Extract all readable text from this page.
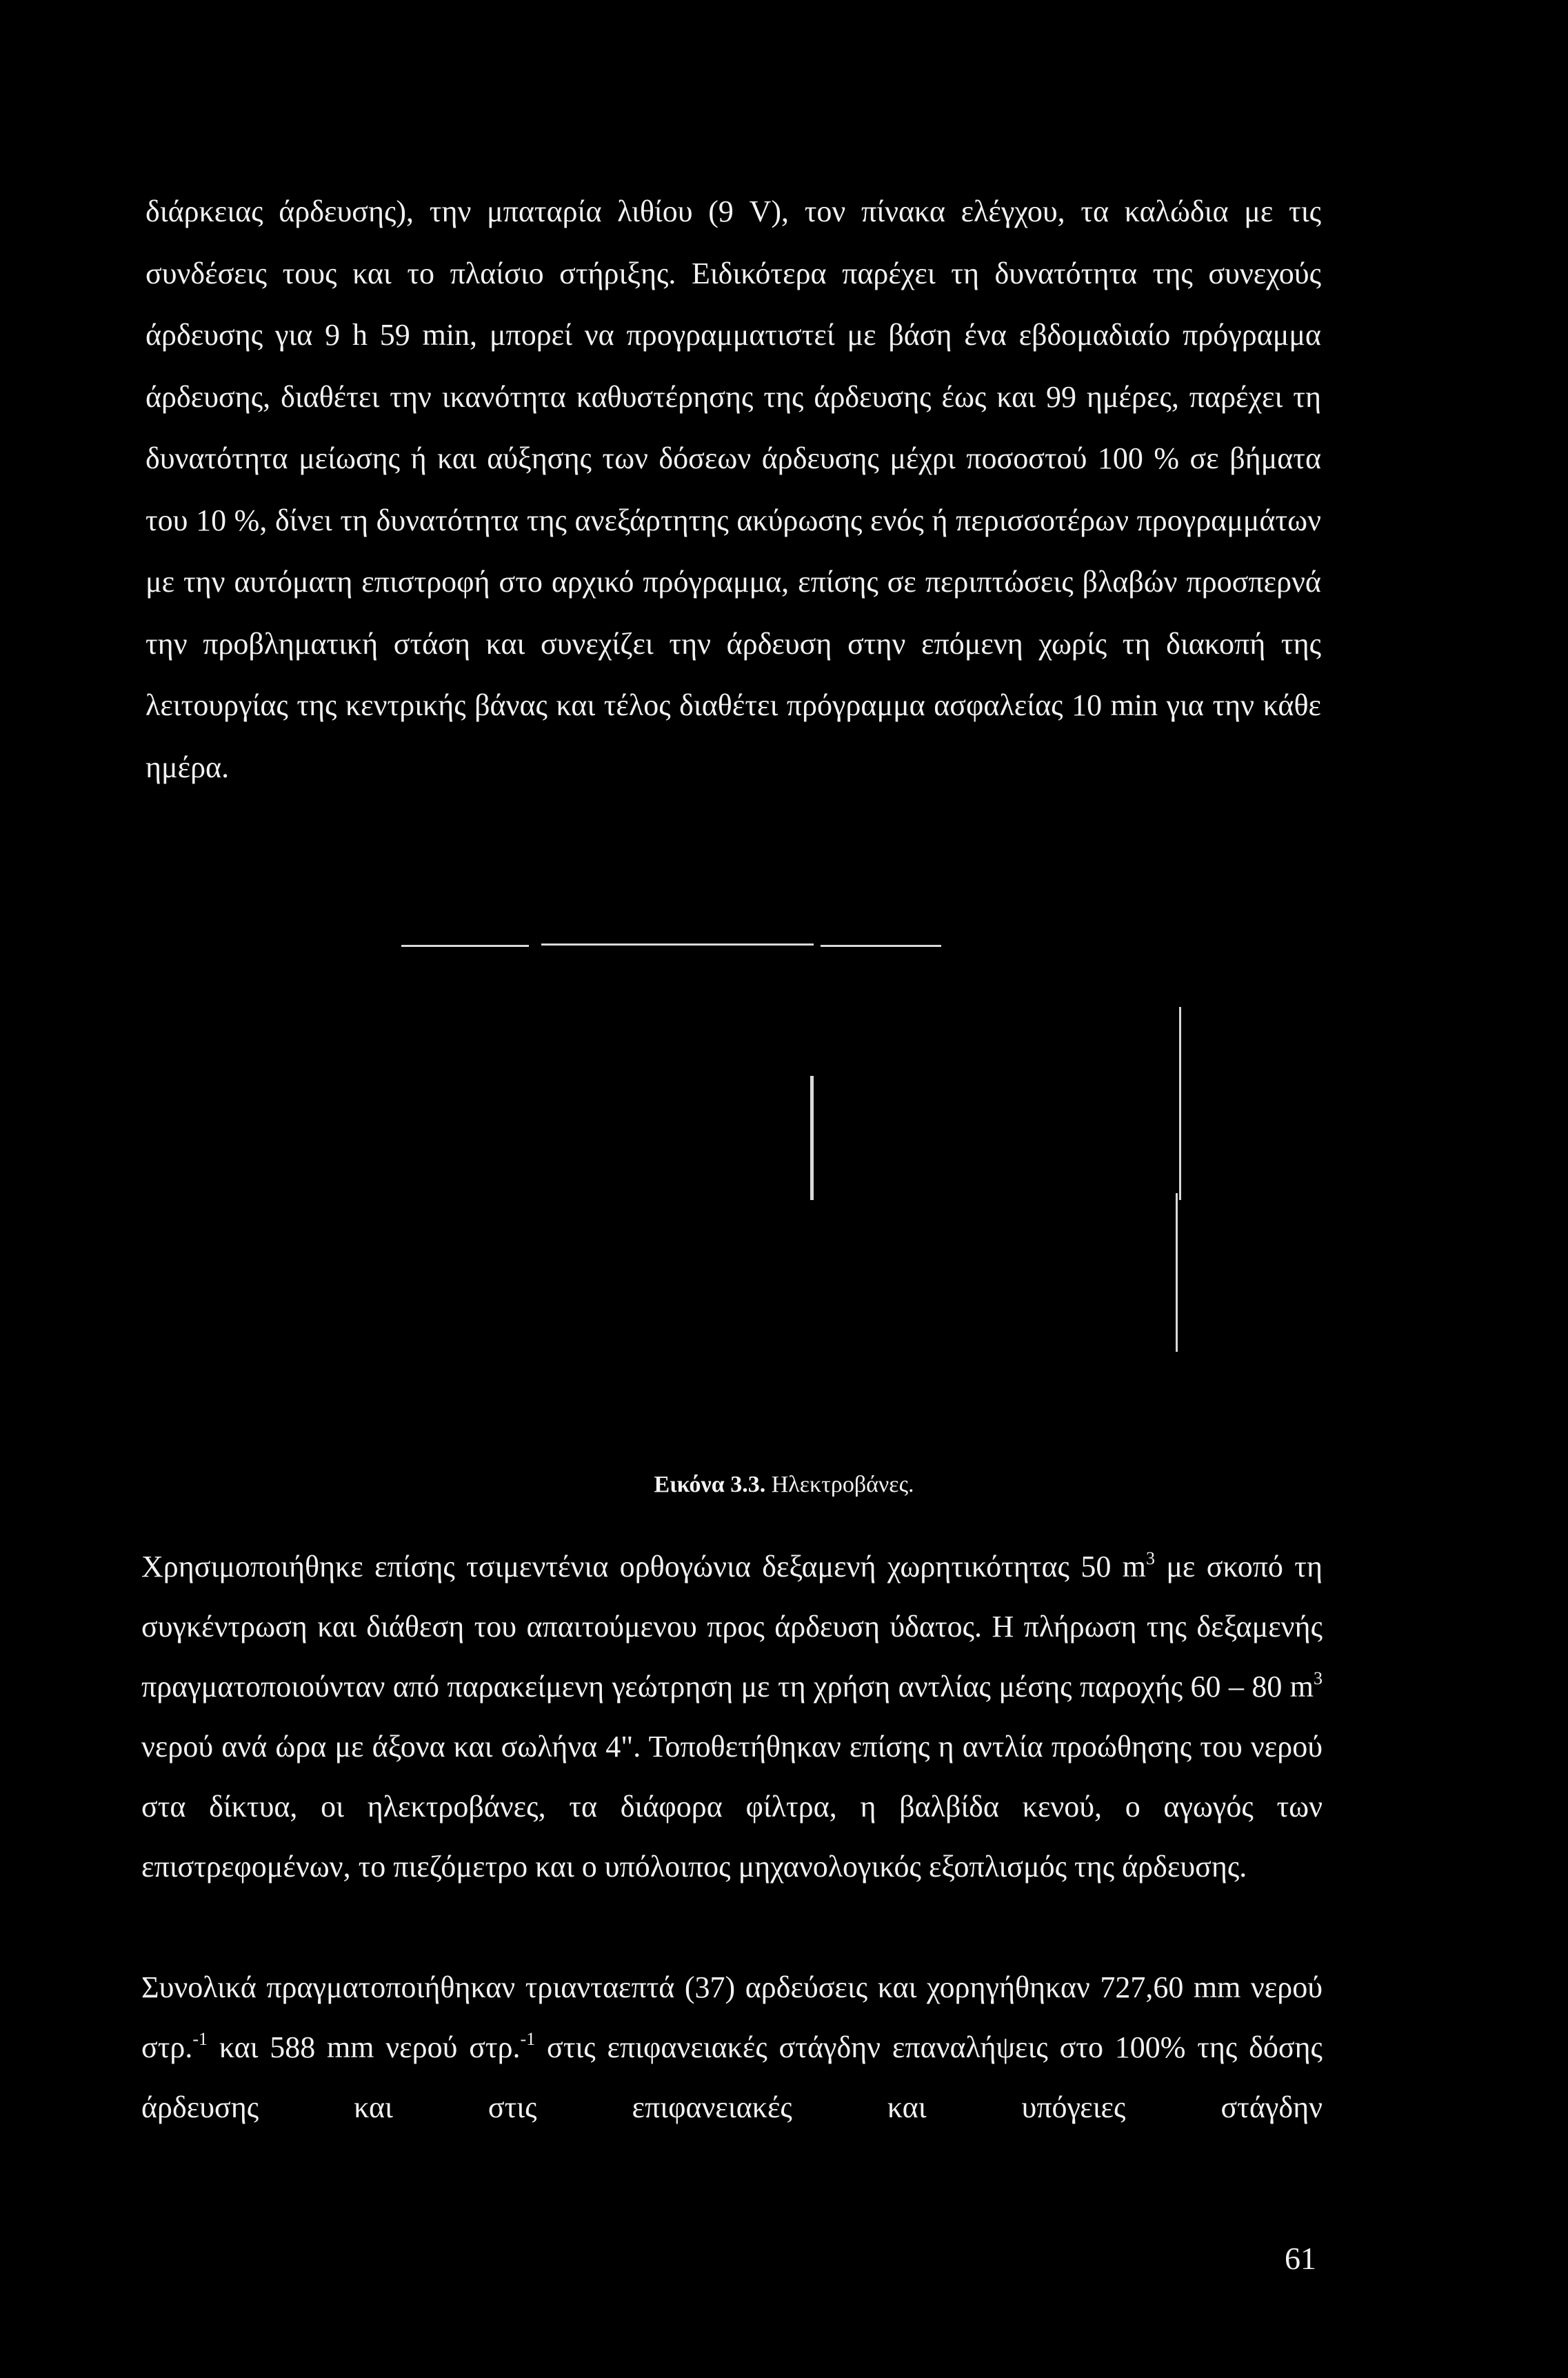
διάρκειας άρδευσης), την μπαταρία λιθίου (9 V), τον πίνακα ελέγχου, τα καλώδια με τις συνδέσεις τους και το πλαίσιο στήριξης. Ειδικότερα παρέχει τη δυνατότητα της συνεχούς άρδευσης για 9 h 59 min, μπορεί να προγραμματιστεί με βάση ένα εβδομαδιαίο πρόγραμμα άρδευσης, διαθέτει την ικανότητα καθυστέρησης της άρδευσης έως και 99 ημέρες, παρέχει τη δυνατότητα μείωσης ή και αύξησης των δόσεων άρδευσης μέχρι ποσοστού 100 % σε βήματα του 10 %, δίνει τη δυνατότητα της ανεξάρτητης ακύρωσης ενός ή περισσοτέρων προγραμμάτων με την αυτόματη επιστροφή στο αρχικό πρόγραμμα, επίσης σε περιπτώσεις βλαβών προσπερνά την προβληματική στάση και συνεχίζει την άρδευση στην επόμενη χωρίς τη διακοπή της λειτουργίας της κεντρικής βάνας και τέλος διαθέτει πρόγραμμα ασφαλείας 10 min για την κάθε ημέρα.

Εικόνα 3.3. Ηλεκτροβάνες.

Χρησιμοποιήθηκε επίσης τσιμεντένια ορθογώνια δεξαμενή χωρητικότητας 50 $m^3$ με σκοπό τη συγκέντρωση και διάθεση του απαιτούμενου προς άρδευση ύδατος. Η πλήρωση της δεξαμενής πραγματοποιούνταν από παρακείμενη γεώτρηση με τη χρήση αντλίας μέσης παροχής 60 – 80 $m^3$ νερού ανά ώρα με άξονα και σωλήνα 4". Τοποθετήθηκαν επίσης η αντλία προώθησης του νερού στα δίκτυα, οι ηλεκτροβάνες, τα διάφορα φίλτρα, η βαλβίδα κενού, ο αγωγός των επιστρεφομένων, το πιεζόμετρο και ο υπόλοιπος μηχανολογικός εξοπλισμός της άρδευσης.

Συνολικά πραγματοποιήθηκαν τριανταεπτά (37) αρδεύσεις και χορηγήθηκαν 727,60 mm νερού στρ.$^{-1}$ και 588 mm νερού στρ.$^{-1}$ στις επιφανειακές στάγδην επαναλήψεις στο 100% της δόσης άρδευσης και στις επιφανειακές και υπόγειες στάγδην

61
